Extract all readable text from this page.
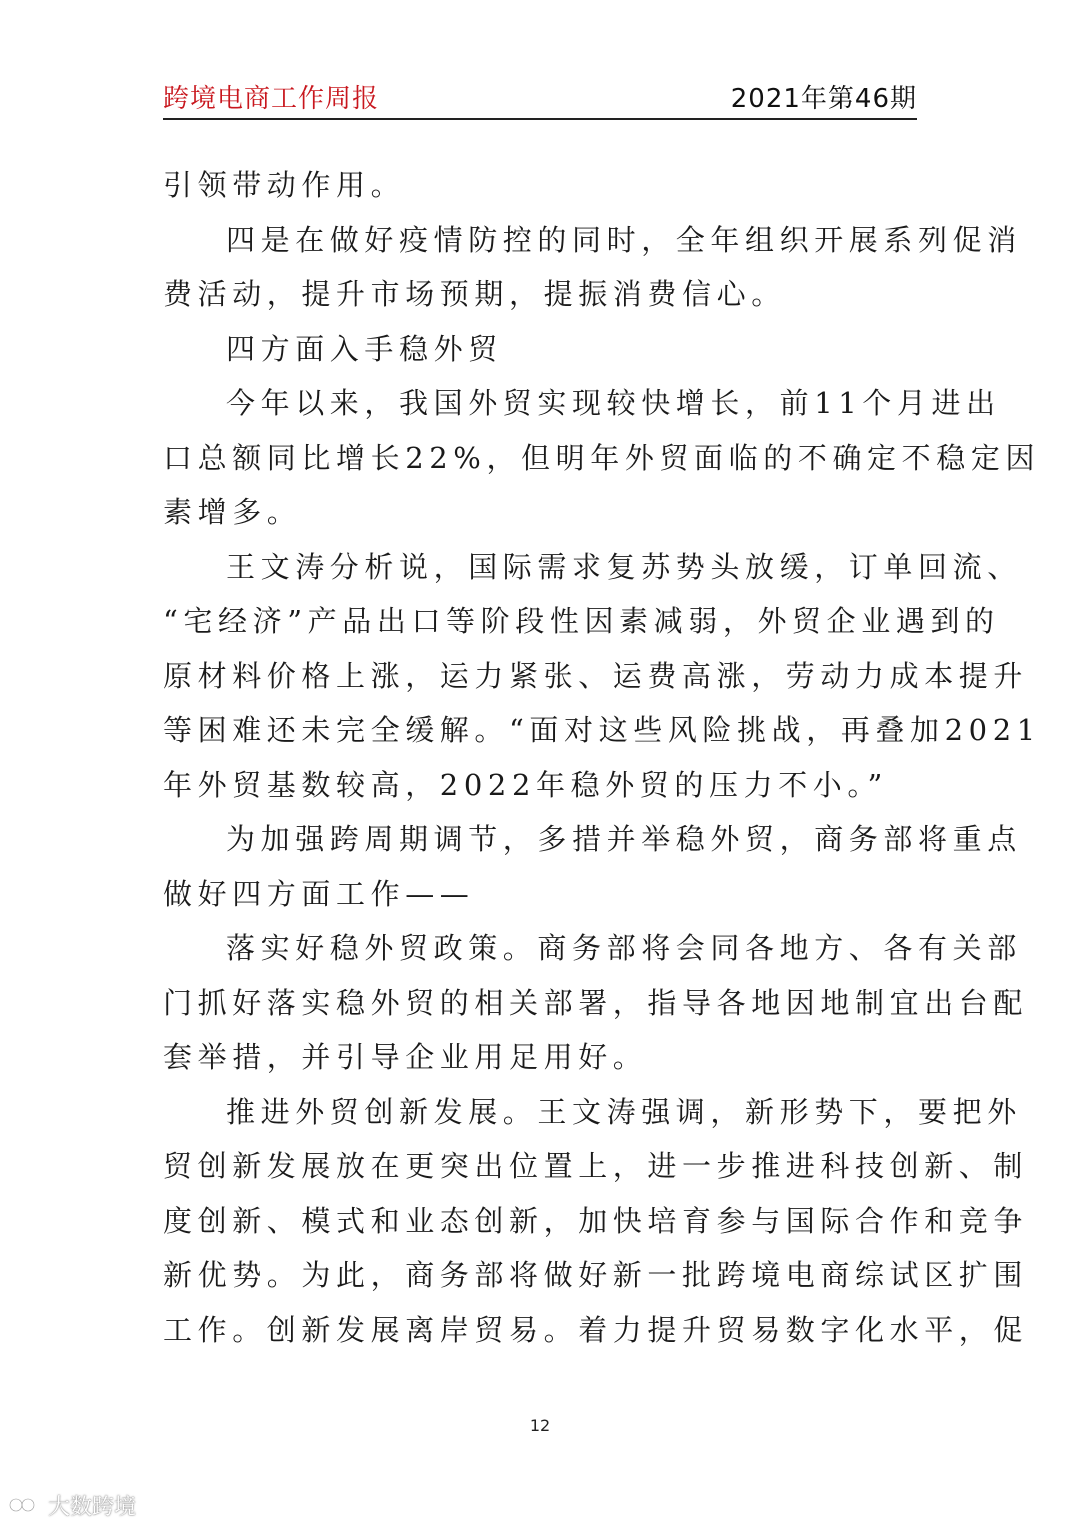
跨境电商工作周报	2021年第46期
引领带动作用。
四是在做好疫情防控的同时，全年组织开展系列促消
费活动，提升市场预期，提振消费信心。
四方面入手稳外贸
今年以来，我国外贸实现较快增长，前11个月进出
口总额同比增长22%，但明年外贸面临的不确定不稳定因
素增多。
王文涛分析说，国际需求复苏势头放缓，订单回流、
“宅经济”产品出口等阶段性因素减弱，外贸企业遇到的
原材料价格上涨，运力紧张、运费高涨，劳动力成本提升
等困难还未完全缓解。“面对这些风险挑战，再叠加2021
年外贸基数较高，2022年稳外贸的压力不小。”
为加强跨周期调节，多措并举稳外贸，商务部将重点
做好四方面工作——
落实好稳外贸政策。商务部将会同各地方、各有关部
门抓好落实稳外贸的相关部署，指导各地因地制宜出台配
套举措，并引导企业用足用好。
推进外贸创新发展。王文涛强调，新形势下，要把外
贸创新发展放在更突出位置上，进一步推进科技创新、制
度创新、模式和业态创新，加快培育参与国际合作和竞争
新优势。为此，商务部将做好新一批跨境电商综试区扩围
工作。创新发展离岸贸易。着力提升贸易数字化水平，促
12
大数跨境
